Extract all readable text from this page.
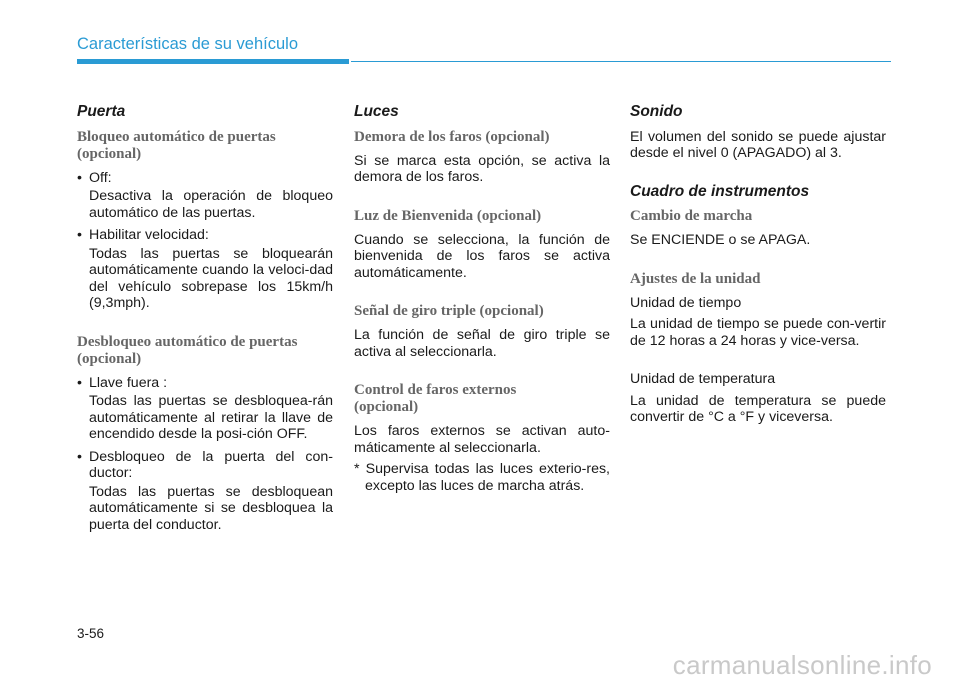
Características de su vehículo
Puerta
Bloqueo automático de puertas (opcional)
• Off:
Desactiva la operación de bloqueo automático de las puertas.
• Habilitar velocidad:
Todas las puertas se bloquearán automáticamente cuando la veloci-dad del vehículo sobrepase los 15km/h (9,3mph).
Desbloqueo automático de puertas (opcional)
• Llave fuera :
Todas las puertas se desbloquea-rán automáticamente al retirar la llave de encendido desde la posi-ción OFF.
• Desbloqueo de la puerta del con-ductor:
Todas las puertas se desbloquean automáticamente si se desbloquea la puerta del conductor.
Luces
Demora de los faros (opcional)

Si se marca esta opción, se activa la demora de los faros.

Luz de Bienvenida (opcional)

Cuando se selecciona, la función de bienvenida de los faros se activa automáticamente.

Señal de giro triple (opcional)

La función de señal de giro triple se activa al seleccionarla.

Control de faros externos (opcional)

Los faros externos se activan auto-máticamente al seleccionarla.

* Supervisa todas las luces exterio-res, excepto las luces de marcha atrás.

Sonido

El volumen del sonido se puede ajustar desde el nivel 0 (APAGADO) al 3.

Cuadro de instrumentos
Cambio de marcha

Se ENCIENDE o se APAGA.

Ajustes de la unidad

Unidad de tiempo

La unidad de tiempo se puede con-vertir de 12 horas a 24 horas y vice-versa.

Unidad de temperatura

La unidad de temperatura se puede convertir de °C a °F y viceversa.

3-56
carmanualsonline.info
